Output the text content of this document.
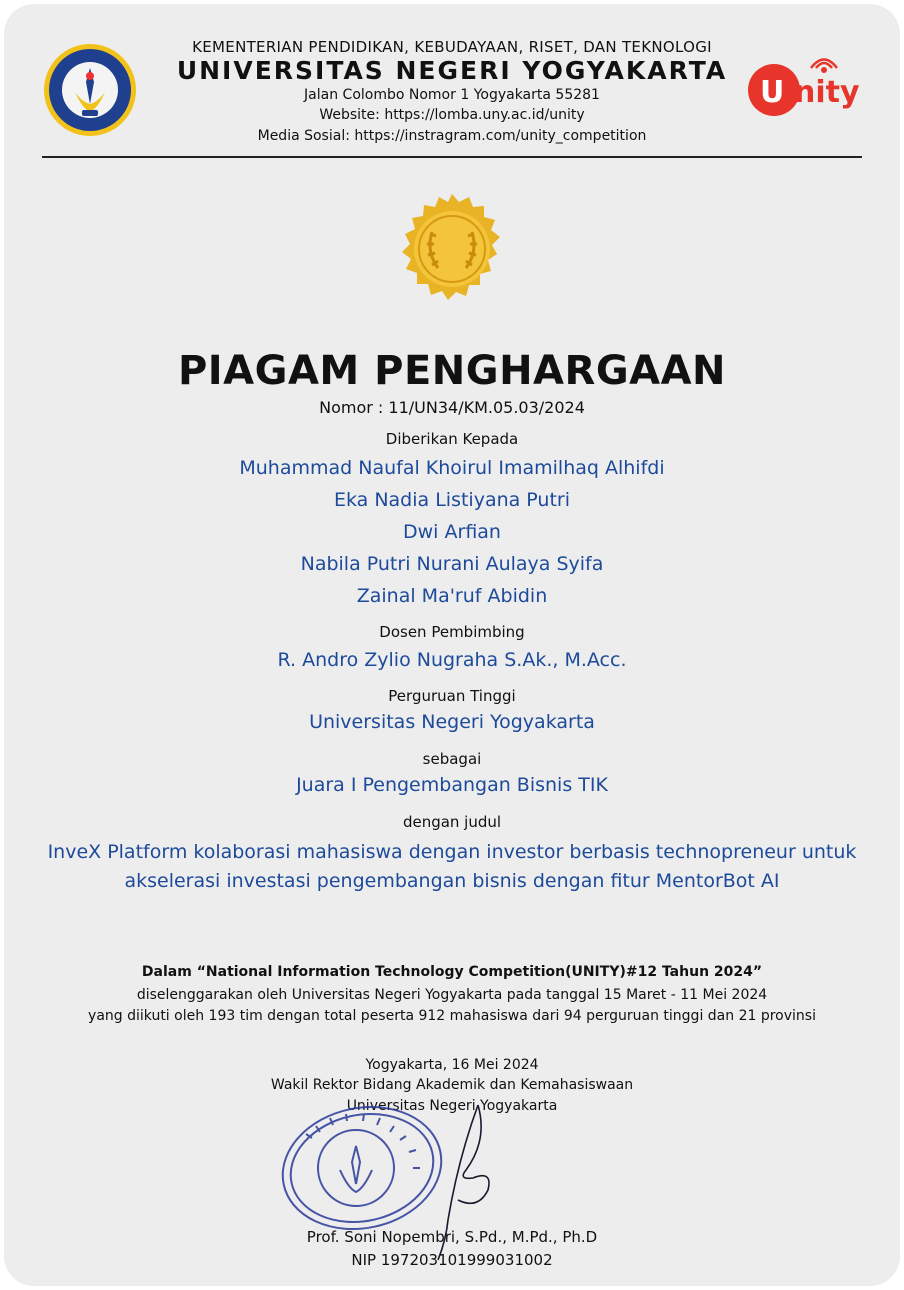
KEMENTERIAN PENDIDIKAN, KEBUDAYAAN, RISET, DAN TEKNOLOGI
UNIVERSITAS NEGERI YOGYAKARTA
Jalan Colombo Nomor 1 Yogyakarta 55281
Website: https://lomba.uny.ac.id/unity
Media Sosial: https://instragram.com/unity_competition
U nity
PIAGAM PENGHARGAAN
Nomor : 11/UN34/KM.05.03/2024
Diberikan Kepada
Muhammad Naufal Khoirul Imamilhaq Alhifdi
Eka Nadia Listiyana Putri
Dwi Arfian
Nabila Putri Nurani Aulaya Syifa
Zainal Ma'ruf Abidin
Dosen Pembimbing
R. Andro Zylio Nugraha S.Ak., M.Acc.
Perguruan Tinggi
Universitas Negeri Yogyakarta
sebagai
Juara I Pengembangan Bisnis TIK
dengan judul
InveX Platform kolaborasi mahasiswa dengan investor berbasis technopreneur untuk akselerasi investasi pengembangan bisnis dengan fitur MentorBot AI
Dalam “National Information Technology Competition(UNITY)#12 Tahun 2024”
diselenggarakan oleh Universitas Negeri Yogyakarta pada tanggal 15 Maret - 11 Mei 2024
yang diikuti oleh 193 tim dengan total peserta 912 mahasiswa dari 94 perguruan tinggi dan 21 provinsi
Yogyakarta, 16 Mei 2024
Wakil Rektor Bidang Akademik dan Kemahasiswaan
Universitas Negeri Yogyakarta
Prof. Soni Nopembri, S.Pd., M.Pd., Ph.D
NIP 197203101999031002
